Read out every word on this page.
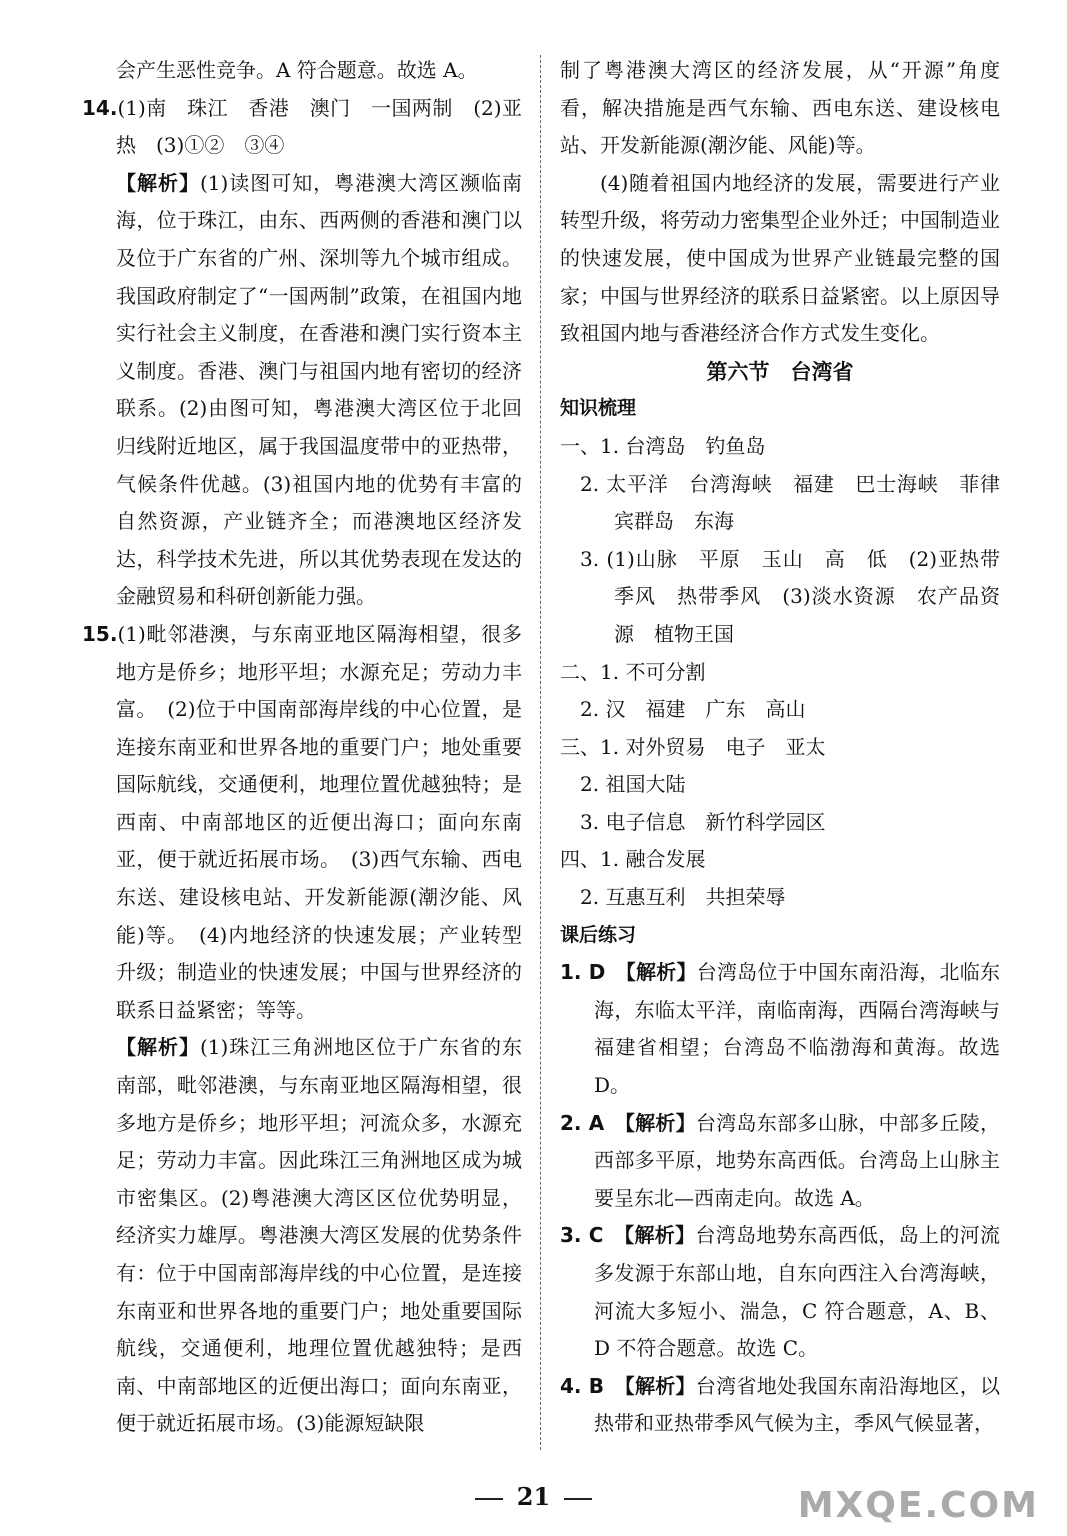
会产生恶性竞争。A 符合题意。故选 A。

14.(1)南　珠江　香港　澳门　一国两制　(2)亚热　(3)①②　③④

【解析】(1)读图可知，粤港澳大湾区濒临南海，位于珠江，由东、西两侧的香港和澳门以及位于广东省的广州、深圳等九个城市组成。我国政府制定了“一国两制”政策，在祖国内地实行社会主义制度，在香港和澳门实行资本主义制度。香港、澳门与祖国内地有密切的经济联系。(2)由图可知，粤港澳大湾区位于北回归线附近地区，属于我国温度带中的亚热带，气候条件优越。(3)祖国内地的优势有丰富的自然资源，产业链齐全；而港澳地区经济发达，科学技术先进，所以其优势表现在发达的金融贸易和科研创新能力强。

15.(1)毗邻港澳，与东南亚地区隔海相望，很多地方是侨乡；地形平坦；水源充足；劳动力丰富。　(2)位于中国南部海岸线的中心位置，是连接东南亚和世界各地的重要门户；地处重要国际航线，交通便利，地理位置优越独特；是西南、中南部地区的近便出海口；面向东南亚，便于就近拓展市场。　(3)西气东输、西电东送、建设核电站、开发新能源(潮汐能、风能)等。　(4)内地经济的快速发展；产业转型升级；制造业的快速发展；中国与世界经济的联系日益紧密；等等。

【解析】(1)珠江三角洲地区位于广东省的东南部，毗邻港澳，与东南亚地区隔海相望，很多地方是侨乡；地形平坦；河流众多，水源充足；劳动力丰富。因此珠江三角洲地区成为城市密集区。(2)粤港澳大湾区区位优势明显，经济实力雄厚。粤港澳大湾区发展的优势条件有：位于中国南部海岸线的中心位置，是连接东南亚和世界各地的重要门户；地处重要国际航线，交通便利，地理位置优越独特；是西南、中南部地区的近便出海口；面向东南亚，便于就近拓展市场。(3)能源短缺限

制了粤港澳大湾区的经济发展，从“开源”角度看，解决措施是西气东输、西电东送、建设核电站、开发新能源(潮汐能、风能)等。

(4)随着祖国内地经济的发展，需要进行产业转型升级，将劳动力密集型企业外迁；中国制造业的快速发展，使中国成为世界产业链最完整的国家；中国与世界经济的联系日益紧密。以上原因导致祖国内地与香港经济合作方式发生变化。

第六节　台湾省

知识梳理

一、1. 台湾岛　钓鱼岛

2. 太平洋　台湾海峡　福建　巴士海峡　菲律宾群岛　东海

3. (1)山脉　平原　玉山　高　低　(2)亚热带季风　热带季风　(3)淡水资源　农产品资源　植物王国

二、1. 不可分割

2. 汉　福建　广东　高山

三、1. 对外贸易　电子　亚太

2. 祖国大陆

3. 电子信息　新竹科学园区

四、1. 融合发展

2. 互惠互利　共担荣辱

课后练习

1. D　 【解析】台湾岛位于中国东南沿海，北临东海，东临太平洋，南临南海，西隔台湾海峡与福建省相望；台湾岛不临渤海和黄海。故选 D。

2. A　 【解析】台湾岛东部多山脉，中部多丘陵，西部多平原，地势东高西低。台湾岛上山脉主要呈东北—西南走向。故选 A。

3. C　 【解析】台湾岛地势东高西低，岛上的河流多发源于东部山地，自东向西注入台湾海峡，河流大多短小、湍急，C 符合题意，A、B、D 不符合题意。故选 C。

4. B　 【解析】台湾省地处我国东南沿海地区，以热带和亚热带季风气候为主，季风气候显著，

21	MXQE.COM
